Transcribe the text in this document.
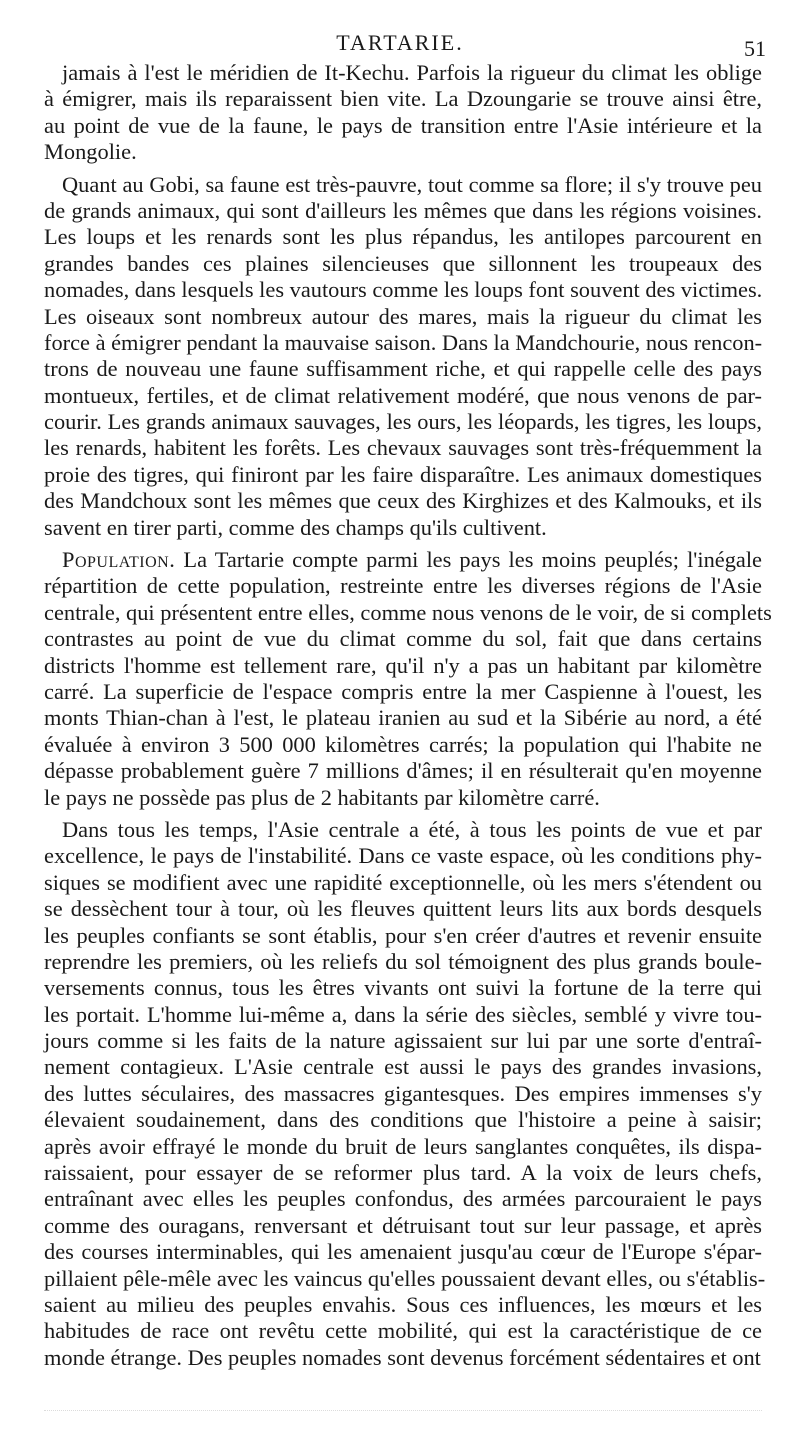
TARTARIE.	51
jamais à l'est le méridien de It-Kechu. Parfois la rigueur du climat les oblige
à émigrer, mais ils reparaissent bien vite. La Dzoungarie se trouve ainsi être,
au point de vue de la faune, le pays de transition entre l'Asie intérieure et la
Mongolie.
Quant au Gobi, sa faune est très-pauvre, tout comme sa flore; il s'y trouve peu
de grands animaux, qui sont d'ailleurs les mêmes que dans les régions voisines.
Les loups et les renards sont les plus répandus, les antilopes parcourent en
grandes bandes ces plaines silencieuses que sillonnent les troupeaux des
nomades, dans lesquels les vautours comme les loups font souvent des victimes.
Les oiseaux sont nombreux autour des mares, mais la rigueur du climat les
force à émigrer pendant la mauvaise saison. Dans la Mandchourie, nous rencon-
trons de nouveau une faune suffisamment riche, et qui rappelle celle des pays
montueux, fertiles, et de climat relativement modéré, que nous venons de par-
courir. Les grands animaux sauvages, les ours, les léopards, les tigres, les loups,
les renards, habitent les forêts. Les chevaux sauvages sont très-fréquemment la
proie des tigres, qui finiront par les faire disparaître. Les animaux domestiques
des Mandchoux sont les mêmes que ceux des Kirghizes et des Kalmouks, et ils
savent en tirer parti, comme des champs qu'ils cultivent.
Population. La Tartarie compte parmi les pays les moins peuplés; l'inégale
répartition de cette population, restreinte entre les diverses régions de l'Asie
centrale, qui présentent entre elles, comme nous venons de le voir, de si complets
contrastes au point de vue du climat comme du sol, fait que dans certains
districts l'homme est tellement rare, qu'il n'y a pas un habitant par kilomètre
carré. La superficie de l'espace compris entre la mer Caspienne à l'ouest, les
monts Thian-chan à l'est, le plateau iranien au sud et la Sibérie au nord, a été
évaluée à environ 3 500 000 kilomètres carrés; la population qui l'habite ne
dépasse probablement guère 7 millions d'âmes; il en résulterait qu'en moyenne
le pays ne possède pas plus de 2 habitants par kilomètre carré.
Dans tous les temps, l'Asie centrale a été, à tous les points de vue et par
excellence, le pays de l'instabilité. Dans ce vaste espace, où les conditions phy-
siques se modifient avec une rapidité exceptionnelle, où les mers s'étendent ou
se dessèchent tour à tour, où les fleuves quittent leurs lits aux bords desquels
les peuples confiants se sont établis, pour s'en créer d'autres et revenir ensuite
reprendre les premiers, où les reliefs du sol témoignent des plus grands boule-
versements connus, tous les êtres vivants ont suivi la fortune de la terre qui
les portait. L'homme lui-même a, dans la série des siècles, semblé y vivre tou-
jours comme si les faits de la nature agissaient sur lui par une sorte d'entraî-
nement contagieux. L'Asie centrale est aussi le pays des grandes invasions,
des luttes séculaires, des massacres gigantesques. Des empires immenses s'y
élevaient soudainement, dans des conditions que l'histoire a peine à saisir;
après avoir effrayé le monde du bruit de leurs sanglantes conquêtes, ils dispa-
raissaient, pour essayer de se reformer plus tard. A la voix de leurs chefs,
entraînant avec elles les peuples confondus, des armées parcouraient le pays
comme des ouragans, renversant et détruisant tout sur leur passage, et après
des courses interminables, qui les amenaient jusqu'au cœur de l'Europe s'épar-
pillaient pêle-mêle avec les vaincus qu'elles poussaient devant elles, ou s'établis-
saient au milieu des peuples envahis. Sous ces influences, les mœurs et les
habitudes de race ont revêtu cette mobilité, qui est la caractéristique de ce
monde étrange. Des peuples nomades sont devenus forcément sédentaires et ont
